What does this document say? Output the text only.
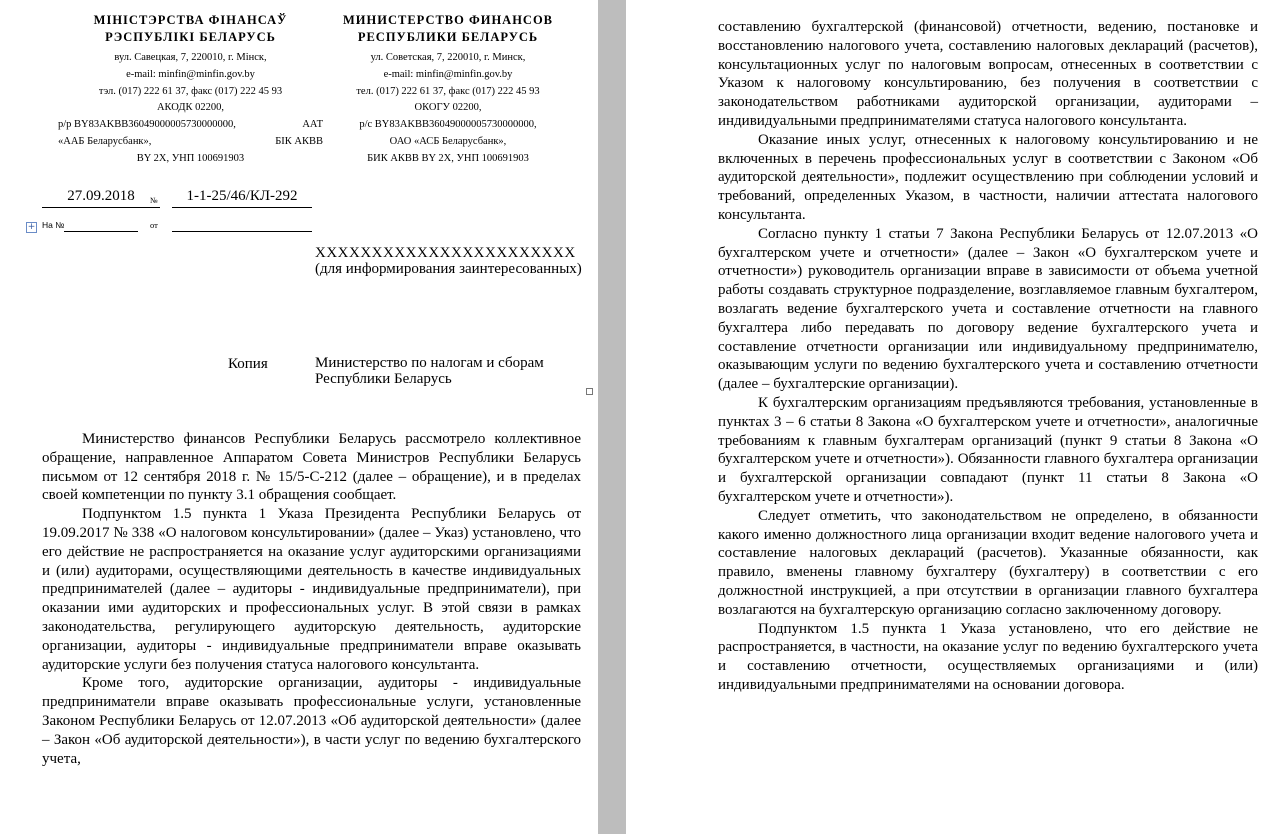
МІНІСТЭРСТВА ФІНАНСАЎ
РЭСПУБЛІКІ БЕЛАРУСЬ
вул. Савецкая, 7, 220010, г. Мінск,
e-mail: minfin@minfin.gov.by
тэл. (017) 222 61 37, факс (017) 222 45 93
АКОДК 02200,
р/р BY83AKBB36049000005730000000,	ААТ
«ААБ Беларусбанк»,	БІК АКВВ
BY 2X, УНП 100691903
МИНИСТЕРСТВО ФИНАНСОВ
РЕСПУБЛИКИ БЕЛАРУСЬ
ул. Советская, 7, 220010, г. Минск,
e-mail: minfin@minfin.gov.by
тел. (017) 222 61 37, факс (017) 222 45 93
ОКОГУ 02200,
р/с BY83AKBB36049000005730000000,
ОАО «АСБ Беларусбанк»,
БИК АКВВ BY 2X, УНП 100691903
27.09.2018	№	1-1-25/46/КЛ-292
+ На №	от
XXXXXXXXXXXXXXXXXXXXXXX
(для информирования заинтересованных)
Копия	Министерство по налогам и сборам Республики Беларусь

Министерство финансов Республики Беларусь рассмотрело коллективное обращение, направленное Аппаратом Совета Министров Республики Беларусь письмом от 12 сентября 2018 г. № 15/5-С-212 (далее – обращение), и в пределах своей компетенции по пункту 3.1 обращения сообщает.

Подпунктом 1.5 пункта 1 Указа Президента Республики Беларусь от 19.09.2017 № 338 «О налоговом консультировании» (далее – Указ) установлено, что его действие не распространяется на оказание услуг аудиторскими организациями и (или) аудиторами, осуществляющими деятельность в качестве индивидуальных предпринимателей (далее – аудиторы - индивидуальные предприниматели), при оказании ими аудиторских и профессиональных услуг. В этой связи в рамках законодательства, регулирующего аудиторскую деятельность, аудиторские организации, аудиторы - индивидуальные предприниматели вправе оказывать аудиторские услуги без получения статуса налогового консультанта.

Кроме того, аудиторские организации, аудиторы - индивидуальные предприниматели вправе оказывать профессиональные услуги, установленные Законом Республики Беларусь от 12.07.2013 «Об аудиторской деятельности» (далее – Закон «Об аудиторской деятельности»), в части услуг по ведению бухгалтерского учета,

составлению бухгалтерской (финансовой) отчетности, ведению, постановке и восстановлению налогового учета, составлению налоговых деклараций (расчетов), консультационных услуг по налоговым вопросам, отнесенных в соответствии с Указом к налоговому консультированию, без получения в соответствии с законодательством работниками аудиторской организации, аудиторами – индивидуальными предпринимателями статуса налогового консультанта.

Оказание иных услуг, отнесенных к налоговому консультированию и не включенных в перечень профессиональных услуг в соответствии с Законом «Об аудиторской деятельности», подлежит осуществлению при соблюдении условий и требований, определенных Указом, в частности, наличии аттестата налогового консультанта.

Согласно пункту 1 статьи 7 Закона Республики Беларусь от 12.07.2013 «О бухгалтерском учете и отчетности» (далее – Закон «О бухгалтерском учете и отчетности») руководитель организации вправе в зависимости от объема учетной работы создавать структурное подразделение, возглавляемое главным бухгалтером, возлагать ведение бухгалтерского учета и составление отчетности на главного бухгалтера либо передавать по договору ведение бухгалтерского учета и составление отчетности организации или индивидуальному предпринимателю, оказывающим услуги по ведению бухгалтерского учета и составлению отчетности (далее – бухгалтерские организации).

К бухгалтерским организациям предъявляются требования, установленные в пунктах 3 – 6 статьи 8 Закона «О бухгалтерском учете и отчетности», аналогичные требованиям к главным бухгалтерам организаций (пункт 9 статьи 8 Закона «О бухгалтерском учете и отчетности»). Обязанности главного бухгалтера организации и бухгалтерской организации совпадают (пункт 11 статьи 8 Закона «О бухгалтерском учете и отчетности»).

Следует отметить, что законодательством не определено, в обязанности какого именно должностного лица организации входит ведение налогового учета и составление налоговых деклараций (расчетов). Указанные обязанности, как правило, вменены главному бухгалтеру (бухгалтеру) в соответствии с его должностной инструкцией, а при отсутствии в организации главного бухгалтера возлагаются на бухгалтерскую организацию согласно заключенному договору.

Подпунктом 1.5 пункта 1 Указа установлено, что его действие не распространяется, в частности, на оказание услуг по ведению бухгалтерского учета и составлению отчетности, осуществляемых организациями и (или) индивидуальными предпринимателями на основании договора.
